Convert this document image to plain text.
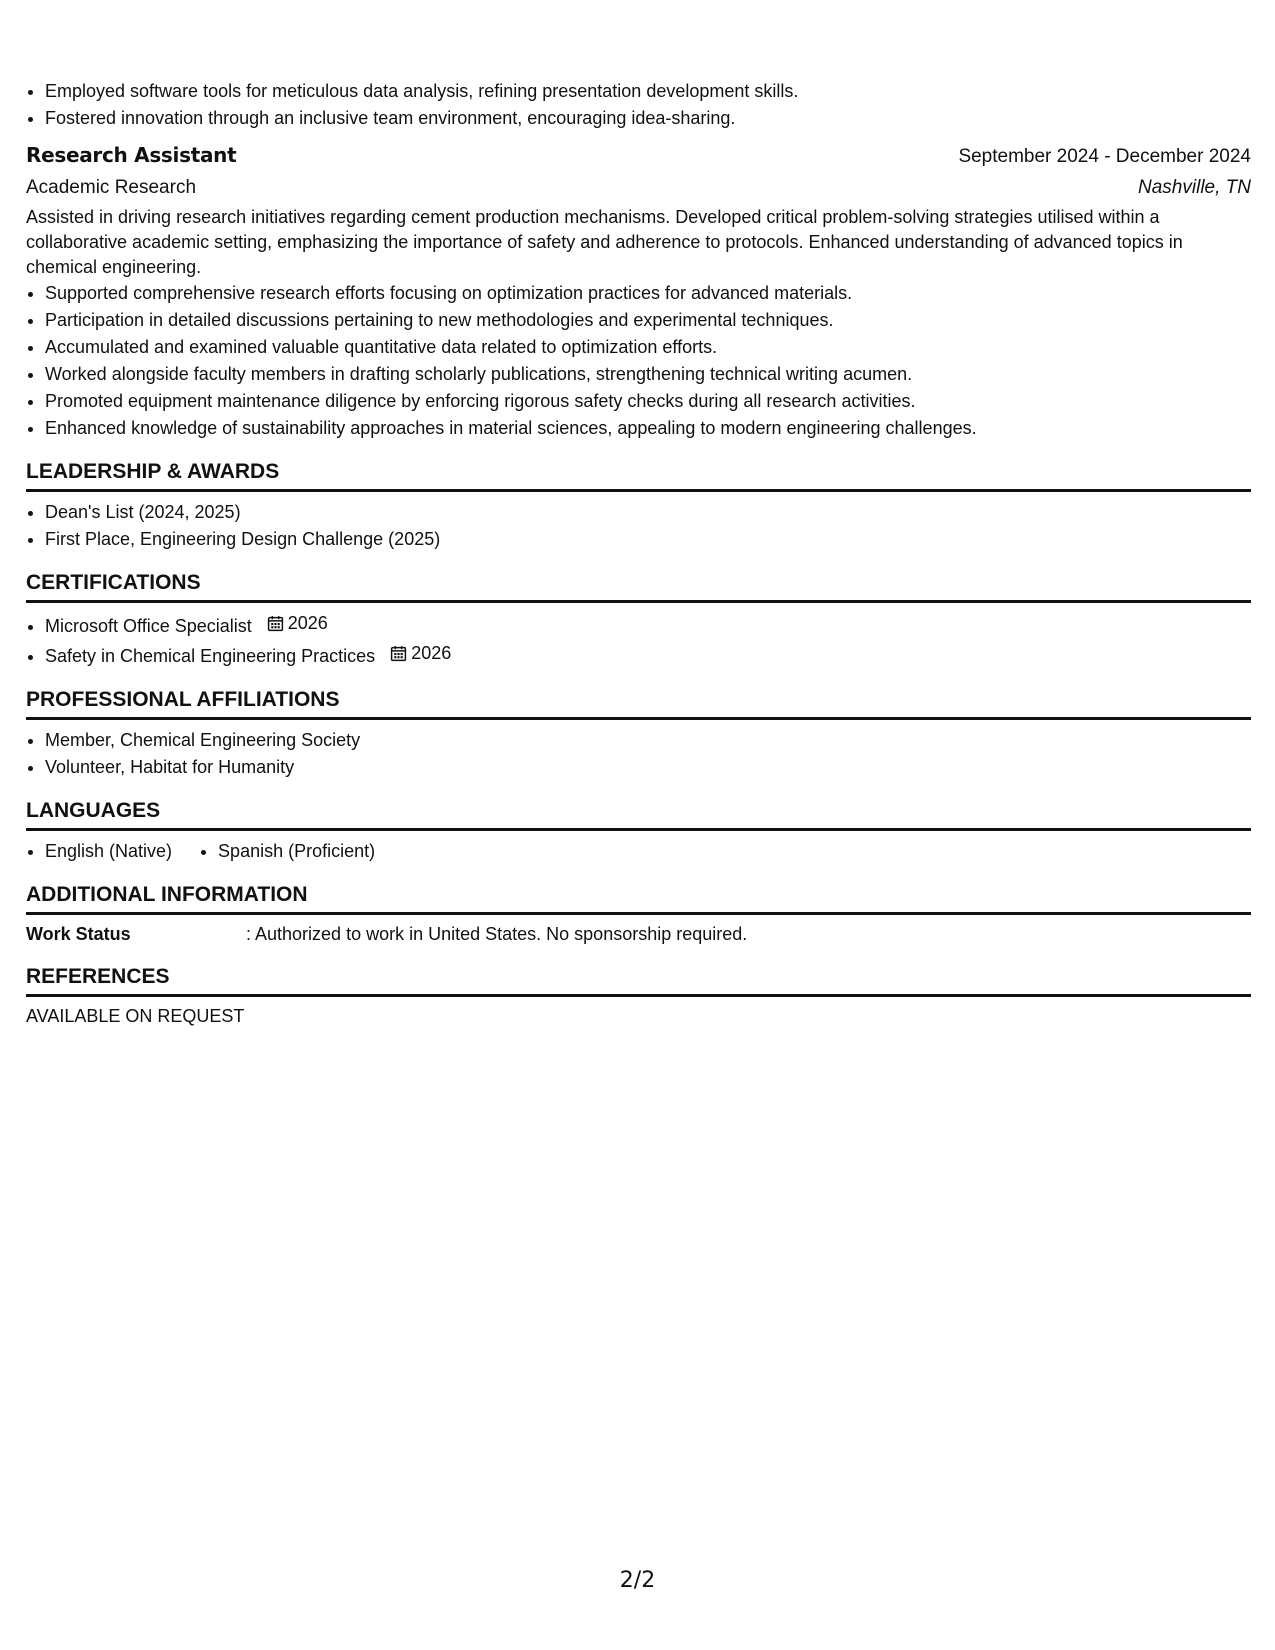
• Employed software tools for meticulous data analysis, refining presentation development skills.
• Fostered innovation through an inclusive team environment, encouraging idea-sharing.
Research Assistant	September 2024 - December 2024
Academic Research	Nashville, TN
Assisted in driving research initiatives regarding cement production mechanisms. Developed critical problem-solving strategies utilised within a collaborative academic setting, emphasizing the importance of safety and adherence to protocols. Enhanced understanding of advanced topics in chemical engineering.
• Supported comprehensive research efforts focusing on optimization practices for advanced materials.
• Participation in detailed discussions pertaining to new methodologies and experimental techniques.
• Accumulated and examined valuable quantitative data related to optimization efforts.
• Worked alongside faculty members in drafting scholarly publications, strengthening technical writing acumen.
• Promoted equipment maintenance diligence by enforcing rigorous safety checks during all research activities.
• Enhanced knowledge of sustainability approaches in material sciences, appealing to modern engineering challenges.
LEADERSHIP & AWARDS
• Dean's List (2024, 2025)
• First Place, Engineering Design Challenge (2025)
CERTIFICATIONS
• Microsoft Office Specialist 2026
• Safety in Chemical Engineering Practices 2026
PROFESSIONAL AFFILIATIONS
• Member, Chemical Engineering Society
• Volunteer, Habitat for Humanity
LANGUAGES
• English (Native)
•	Spanish (Proficient)
ADDITIONAL INFORMATION
Work Status	: Authorized to work in United States. No sponsorship required.
REFERENCES
AVAILABLE ON REQUEST
2/2
